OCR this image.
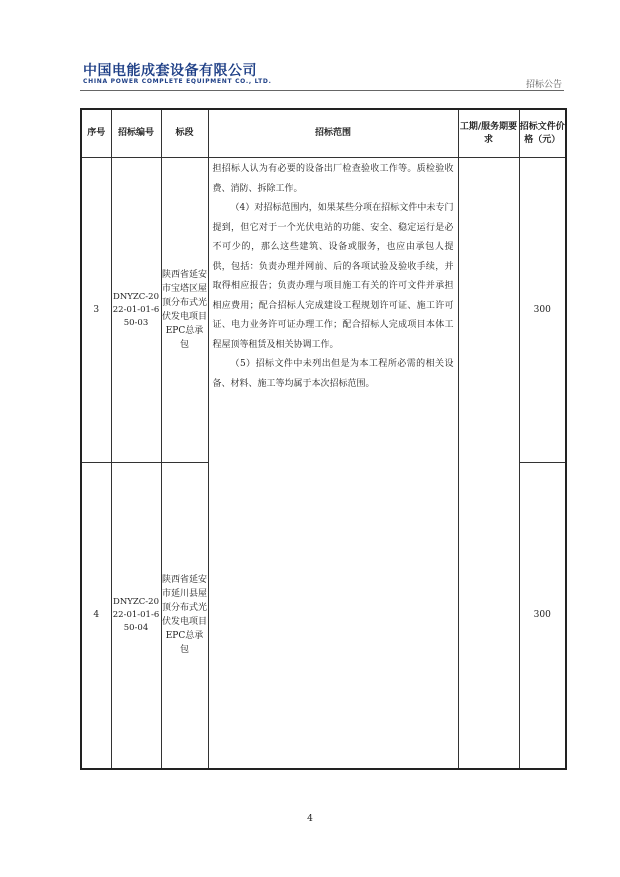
中国电能成套设备有限公司
CHINA POWER COMPLETE EQUIPMENT CO., LTD.	招标公告
序号	招标编号	标段	招标范围	工期/服务期要求	招标文件价格（元）
3	DNYZC-2022-01-01-650-03	陕西省延安市宝塔区屋顶分布式光伏发电项目EPC总承包	担招标人认为有必要的设备出厂检查验收工作等。质检验收费、消防、拆除工作。

（4）对招标范围内，如果某些分项在招标文件中未专门提到，但它对于一个光伏电站的功能、安全、稳定运行是必不可少的，那么这些建筑、设备或服务，也应由承包人提供，包括：负责办理并网前、后的各项试验及验收手续，并取得相应报告；负责办理与项目施工有关的许可文件并承担相应费用；配合招标人完成建设工程规划许可证、施工许可证、电力业务许可证办理工作；配合招标人完成项目本体工程屋顶等租赁及相关协调工作。

（5）招标文件中未列出但是为本工程所必需的相关设备、材料、施工等均属于本次招标范围。		300
4	DNYZC-2022-01-01-650-04	陕西省延安市延川县屋顶分布式光伏发电项目EPC总承包			300
4
